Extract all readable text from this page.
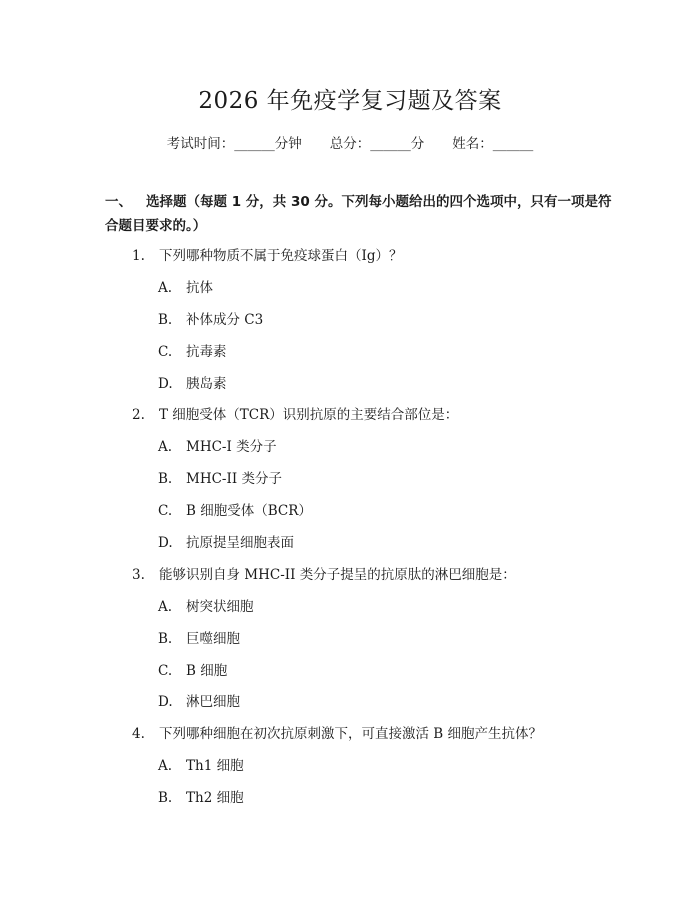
2026 年免疫学复习题及答案
考试时间：______分钟 总分：______分 姓名：______
一、 选择题（每题 1 分，共 30 分。下列每小题给出的四个选项中，只有一项是符合题目要求的。）
1. 下列哪种物质不属于免疫球蛋白（Ig）？
A. 抗体
B. 补体成分 C3
C. 抗毒素
D. 胰岛素
2. T 细胞受体（TCR）识别抗原的主要结合部位是：
A. MHC-I 类分子
B. MHC-II 类分子
C. B 细胞受体（BCR）
D. 抗原提呈细胞表面
3. 能够识别自身 MHC-II 类分子提呈的抗原肽的淋巴细胞是：
A. 树突状细胞
B. 巨噬细胞
C. B 细胞
D. 淋巴细胞
4. 下列哪种细胞在初次抗原刺激下，可直接激活 B 细胞产生抗体？
A. Th1 细胞
B. Th2 细胞
